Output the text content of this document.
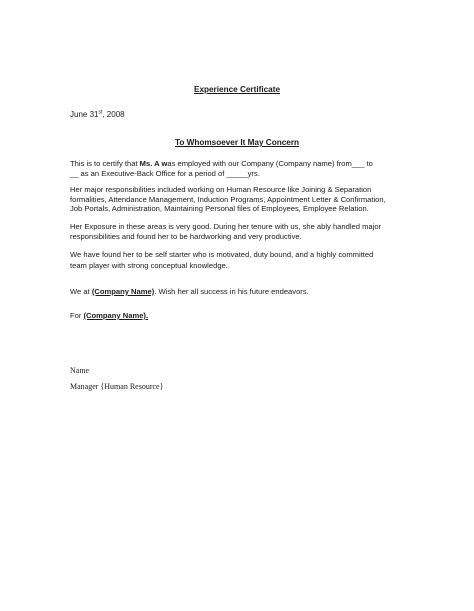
Experience Certificate
June 31st, 2008
To Whomsoever It May Concern
This is to certify that Ms. A was employed with our Company (Company name) from___ to
__ as an Executive-Back Office for a period of _____yrs.
Her major responsibilities included working on Human Resource like Joining & Separation
formalities, Attendance Management, Induction Programs, Appointment Letter & Confirmation,
Job Portals, Administration, Maintaining Personal files of Employees, Employee Relation.
Her Exposure in these areas is very good. During her tenure with us, she ably handled major
responsibilities and found her to be hardworking and very productive.
We have found her to be self starter who is motivated, duty bound, and a highly committed
team player with strong conceptual knowledge.
We at (Company Name). Wish her all success in his future endeavors.
For (Company Name).
Name
Manager {Human Resource}
